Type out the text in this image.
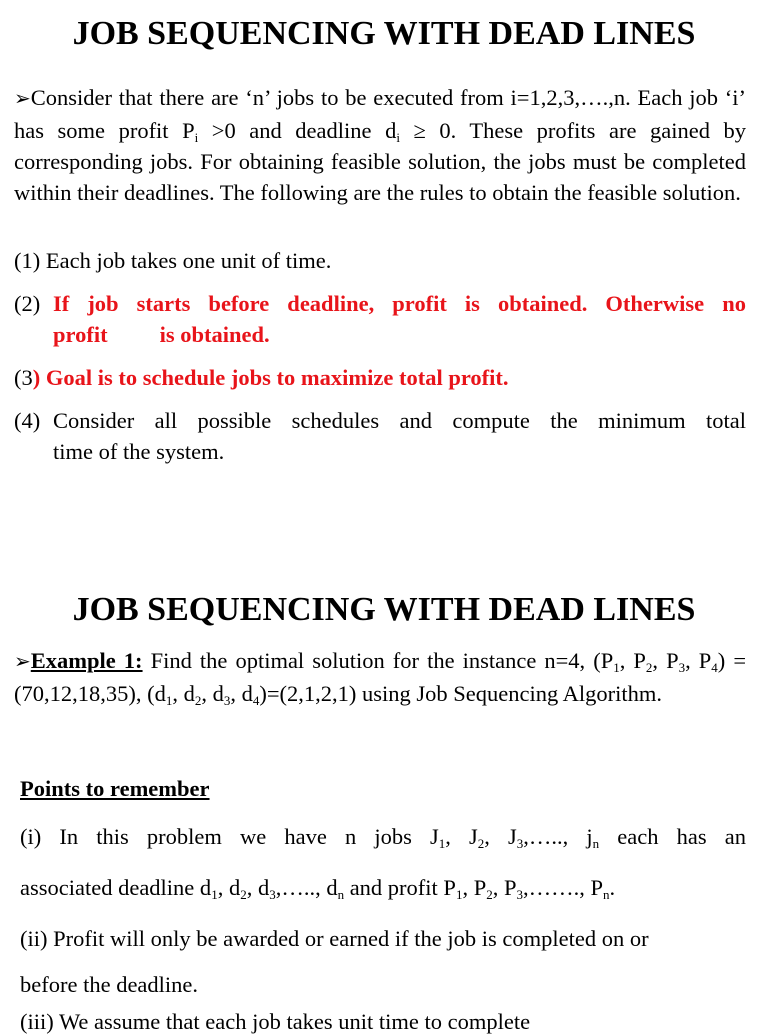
JOB SEQUENCING WITH DEAD LINES
➢Consider that there are ‘n’ jobs to be executed from i=1,2,3,….,n. Each job ‘i’ has some profit $P_i >0$ and deadline $d_i \ge 0$. These profits are gained by corresponding jobs. For obtaining feasible solution, the jobs must be completed within their deadlines. The following are the rules to obtain the feasible solution.
(1) Each job takes one unit of time.
(2) If job starts before deadline, profit is obtained. Otherwise no
profit is obtained.
(3) Goal is to schedule jobs to maximize total profit.
(4) Consider all possible schedules and compute the minimum total
time of the system.
JOB SEQUENCING WITH DEAD LINES
➢Example 1: Find the optimal solution for the instance n=4, ($P_1$, $P_2$, $P_3$, $P_4) =(70,12,18,35)$, ($d_1$, $d_2$, $d_3$, $d_4)=(2,1,2,1)$ using Job Sequencing Algorithm.
Points to remember
(i) In this problem we have n jobs $J_1$, $J_2$, $J_3,\dots$.., $j_n$ each has an
associated deadline $d_1$, $d_2$, $d_3,\dots$.., $d_n$ and profit $P_1$, $P_2$, $P_3,\dots\dots$., $P_n$.
(ii) Profit will only be awarded or earned if the job is completed on or
before the deadline.
(iii) We assume that each job takes unit time to complete
